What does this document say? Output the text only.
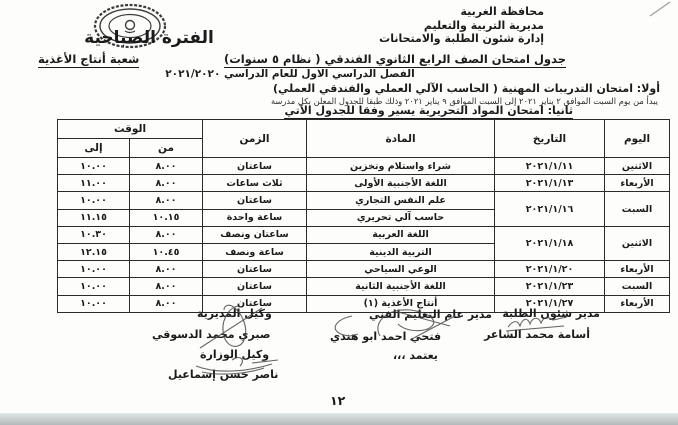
محافظة الغربية
مديرية التربية والتعليم
إدارة شئون الطلبة والامتحانات
الفترة الصباحية
جدول امتحان الصف الرابع الثانوي الفندقي ( نظام ٥ سنوات)
شعبة أنتاج الأغذية
الفصل الدراسي الاول للعام الدراسي ٢٠٢١/٢٠٢٠
أولا: امتحان التدريبات المهنية ( الحاسب الآلي العملي والفندقي العملي)
يبدأ من يوم السبت الموافق ٢ يناير ٢٠٢١ إلى السبت الموافق ٩ يناير ٢٠٢١ وذلك طبقا للجدول المعلن بكل مدرسة
ثانيا: امتحان المواد التحريرية يسير وفقا للجدول الآتي
اليوم	التاريخ	المادة	الزمن	الوقت	
				من	إلى
الاثنين	٢٠٢١/١/١١	شراء واستلام وتخزين	ساعتان	٨.٠٠	١٠.٠٠
الأربعاء	٢٠٢١/١/١٣	اللغة الأجنبية الأولى	ثلاث ساعات	٨.٠٠	١١.٠٠
السبت	٢٠٢١/١/١٦	علم النفس التجاري	ساعتان	٨.٠٠	١٠.٠٠
		حاسب آلي تحريري	ساعة واحدة	١٠.١٥	١١.١٥
الاثنين	٢٠٢١/١/١٨	اللغة العربية	ساعتان ونصف	٨.٠٠	١٠.٣٠
		التربية الدينية	ساعة ونصف	١٠.٤٥	١٢.١٥
الأربعاء	٢٠٢١/١/٢٠	الوعي السياحي	ساعتان	٨.٠٠	١٠.٠٠
السبت	٢٠٢١/١/٢٣	اللغة الأجنبية الثانية	ساعتان	٨.٠٠	١٠.٠٠
الأربعاء	٢٠٢١/١/٢٧	أنتاج الأغذية (١)	ساعتان	٨.٠٠	١٠.٠٠
مدير شئون الطلبة
أسامة محمد الشاعر
مدير عام التعليم الفني
فتحي احمد ابو هندي
وكيل المديرية
صبري محمد الدسوقي
يعتمد ،،،
وكيل الوزارة
ناصر حسن إسماعيل
١٢
